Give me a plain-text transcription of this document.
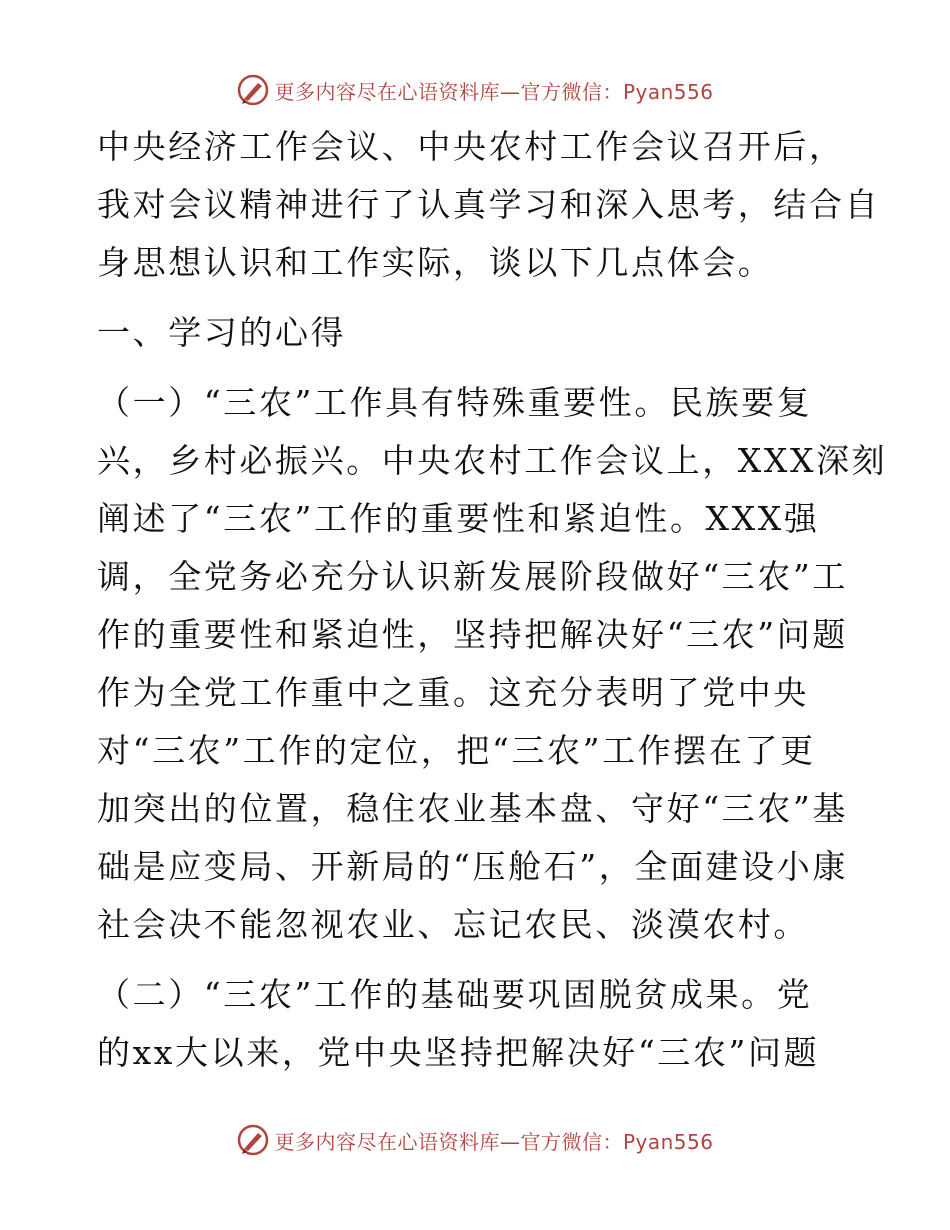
更多内容尽在心语资料库—官方微信：Pyan556
中央经济工作会议、中央农村工作会议召开后，
我对会议精神进行了认真学习和深入思考，结合自
身思想认识和工作实际，谈以下几点体会。
一、学习的心得
（一）“三农”工作具有特殊重要性。民族要复
兴，乡村必振兴。中央农村工作会议上，XXX深刻
阐述了“三农”工作的重要性和紧迫性。XXX强
调，全党务必充分认识新发展阶段做好“三农”工
作的重要性和紧迫性，坚持把解决好“三农”问题
作为全党工作重中之重。这充分表明了党中央
对“三农”工作的定位，把“三农”工作摆在了更
加突出的位置，稳住农业基本盘、守好“三农”基
础是应变局、开新局的“压舱石”，全面建设小康
社会决不能忽视农业、忘记农民、淡漠农村。
（二）“三农”工作的基础要巩固脱贫成果。党
的xx大以来，党中央坚持把解决好“三农”问题
更多内容尽在心语资料库—官方微信：Pyan556
